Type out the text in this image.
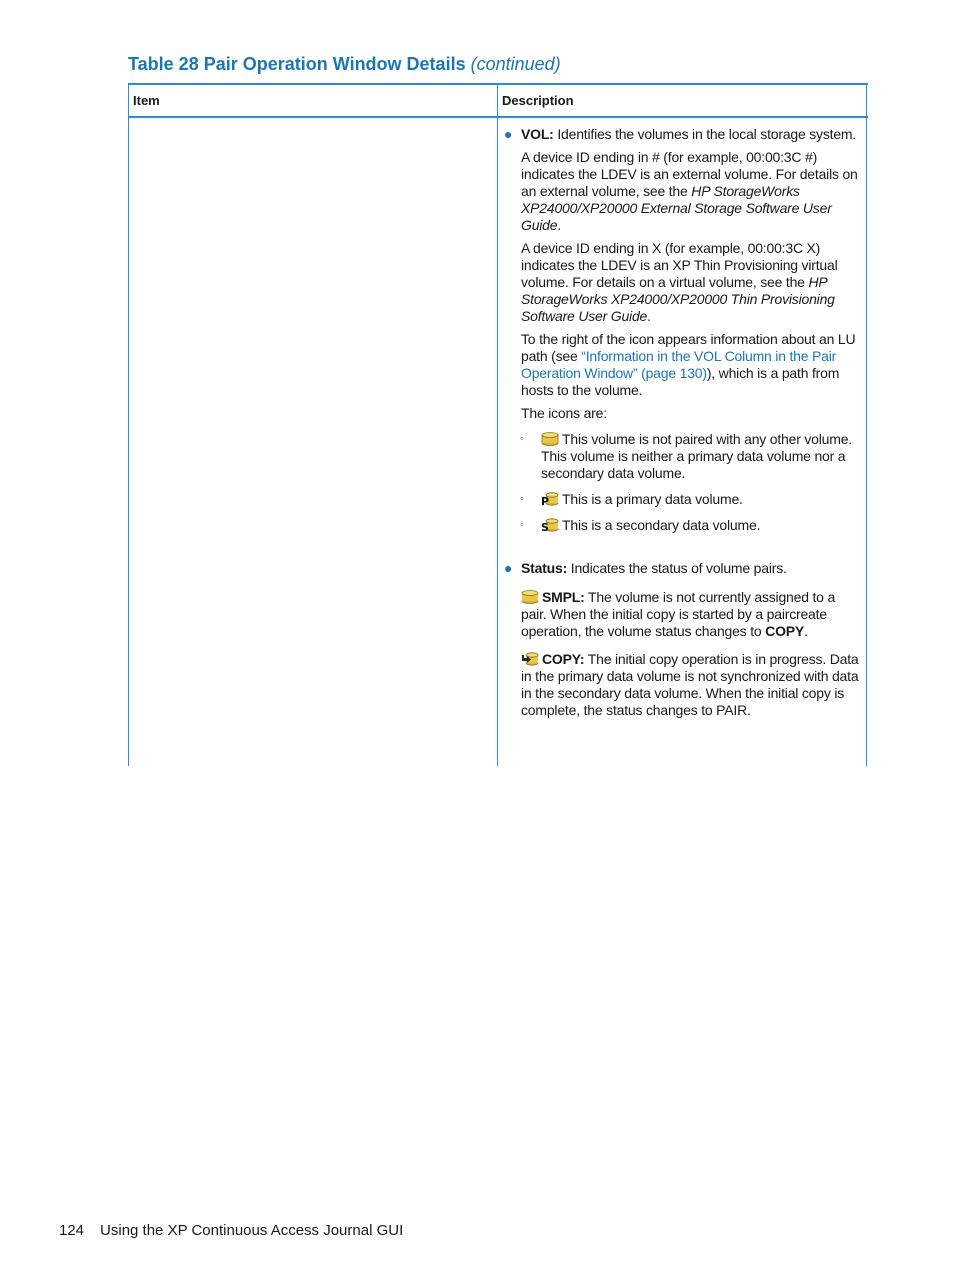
Table 28 Pair Operation Window Details (continued)
Item	Description
● VOL: Identifies the volumes in the local storage system.
A device ID ending in # (for example, 00:00:3C #) indicates the LDEV is an external volume. For details on an external volume, see the HP StorageWorks XP24000/XP20000 External Storage Software User Guide.
A device ID ending in X (for example, 00:00:3C X) indicates the LDEV is an XP Thin Provisioning virtual volume. For details on a virtual volume, see the HP StorageWorks XP24000/XP20000 Thin Provisioning Software User Guide.
To the right of the icon appears information about an LU path (see “Information in the VOL Column in the Pair Operation Window” (page 130)), which is a path from hosts to the volume.
The icons are:
◦	This volume is not paired with any other volume. This volume is neither a primary data volume nor a secondary data volume.
◦ P This is a primary data volume.
◦ S This is a secondary data volume.
● Status: Indicates the status of volume pairs.
SMPL: The volume is not currently assigned to a pair. When the initial copy is started by a paircreate operation, the volume status changes to COPY.
COPY: The initial copy operation is in progress. Data in the primary data volume is not synchronized with data in the secondary data volume. When the initial copy is complete, the status changes to PAIR.
124 Using the XP Continuous Access Journal GUI
